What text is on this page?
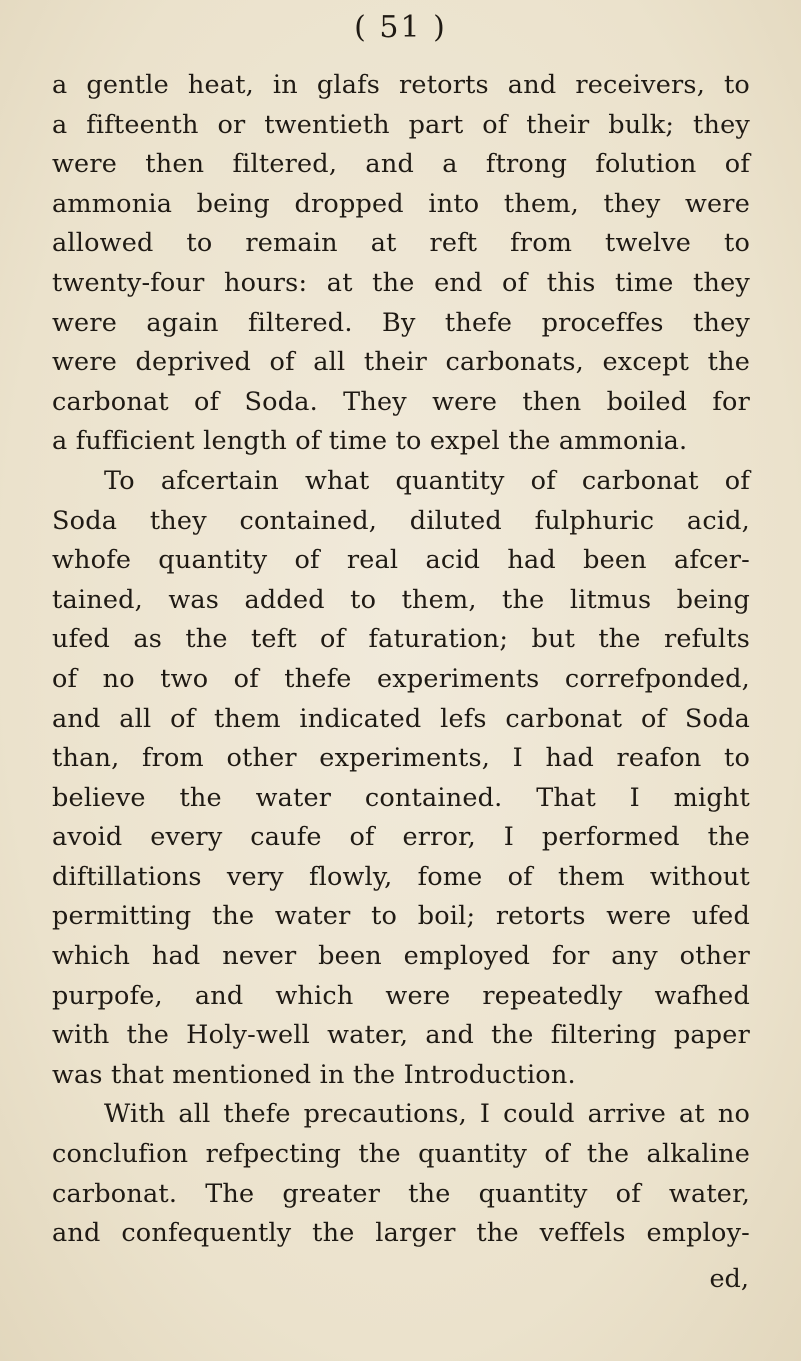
( 51 )
a gentle heat, in glafs retorts and receivers, to
a fifteenth or twentieth part of their bulk; they
were then filtered, and a ftrong folution of
ammonia being dropped into them, they were
allowed to remain at reft from twelve to
twenty-four hours: at the end of this time they
were again filtered. By thefe proceffes they
were deprived of all their carbonats, except the
carbonat of Soda. They were then boiled for
a fufficient length of time to expel the ammonia.
To afcertain what quantity of carbonat of
Soda they contained, diluted fulphuric acid,
whofe quantity of real acid had been afcer-
tained, was added to them, the litmus being
ufed as the teft of faturation; but the refults
of no two of thefe experiments correfponded,
and all of them indicated lefs carbonat of Soda
than, from other experiments, I had reafon to
believe the water contained. That I might
avoid every caufe of error, I performed the
diftillations very flowly, fome of them without
permitting the water to boil; retorts were ufed
which had never been employed for any other
purpofe, and which were repeatedly wafhed
with the Holy-well water, and the filtering paper
was that mentioned in the Introduction.
With all thefe precautions, I could arrive at no
conclufion refpecting the quantity of the alkaline
carbonat. The greater the quantity of water,
and confequently the larger the veffels employ-
ed,
